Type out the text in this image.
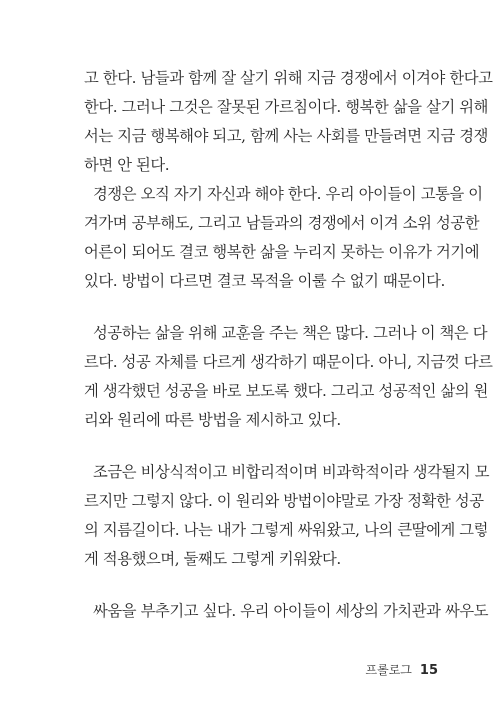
고 한다. 남들과 함께 잘 살기 위해 지금 경쟁에서 이겨야 한다고
한다. 그러나 그것은 잘못된 가르침이다. 행복한 삶을 살기 위해
서는 지금 행복해야 되고, 함께 사는 사회를 만들려면 지금 경쟁
하면 안 된다.
경쟁은 오직 자기 자신과 해야 한다. 우리 아이들이 고통을 이
겨가며 공부해도, 그리고 남들과의 경쟁에서 이겨 소위 성공한
어른이 되어도 결코 행복한 삶을 누리지 못하는 이유가 거기에
있다. 방법이 다르면 결코 목적을 이룰 수 없기 때문이다.
성공하는 삶을 위해 교훈을 주는 책은 많다. 그러나 이 책은 다
르다. 성공 자체를 다르게 생각하기 때문이다. 아니, 지금껏 다르
게 생각했던 성공을 바로 보도록 했다. 그리고 성공적인 삶의 원
리와 원리에 따른 방법을 제시하고 있다.
조금은 비상식적이고 비합리적이며 비과학적이라 생각될지 모
르지만 그렇지 않다. 이 원리와 방법이야말로 가장 정확한 성공
의 지름길이다. 나는 내가 그렇게 싸워왔고, 나의 큰딸에게 그렇
게 적용했으며, 둘째도 그렇게 키워왔다.
싸움을 부추기고 싶다. 우리 아이들이 세상의 가치관과 싸우도
프롤로그 15
